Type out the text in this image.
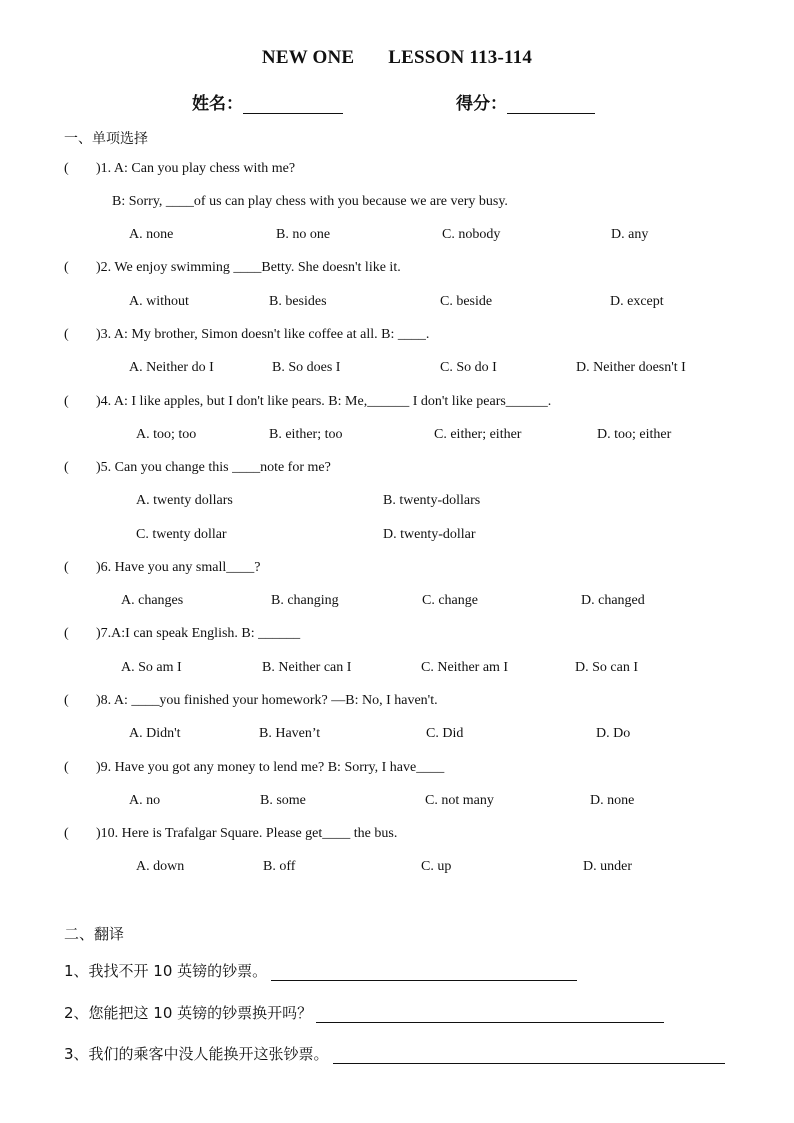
NEW ONE LESSON 113-114
姓名：	得分：
一、单项选择
( )1. A: Can you play chess with me?
B: Sorry, ____of us can play chess with you because we are very busy.
A. none	B. no one	C. nobody	D. any
( )2. We enjoy swimming ____Betty. She doesn't like it.
A. without	B. besides	C. beside	D. except
( )3. A: My brother, Simon doesn't like coffee at all. B: ____.
A. Neither do I	B. So does I	C. So do I	D. Neither doesn't I
( )4. A: I like apples, but I don't like pears. B: Me,______ I don't like pears______.
A. too; too	B. either; too	C. either; either	D. too; either
( )5. Can you change this ____note for me?
A. twenty dollars	B. twenty-dollars
C. twenty dollar	D. twenty-dollar
( )6. Have you any small____?
A. changes	B. changing	C. change	D. changed
( )7.A:I can speak English. B: ______
A. So am I	B. Neither can I	C. Neither am I	D. So can I
( )8. A: ____you finished your homework? —B: No, I haven't.
A. Didn't	B. Haven’t	C. Did	D. Do
( )9. Have you got any money to lend me? B: Sorry, I have____
A. no	B. some	C. not many	D. none
( )10. Here is Trafalgar Square. Please get____ the bus.
A. down	B. off	C. up	D. under
二、翻译
1、我找不开 10 英镑的钞票。
2、您能把这 10 英镑的钞票换开吗？
3、我们的乘客中没人能换开这张钞票。
